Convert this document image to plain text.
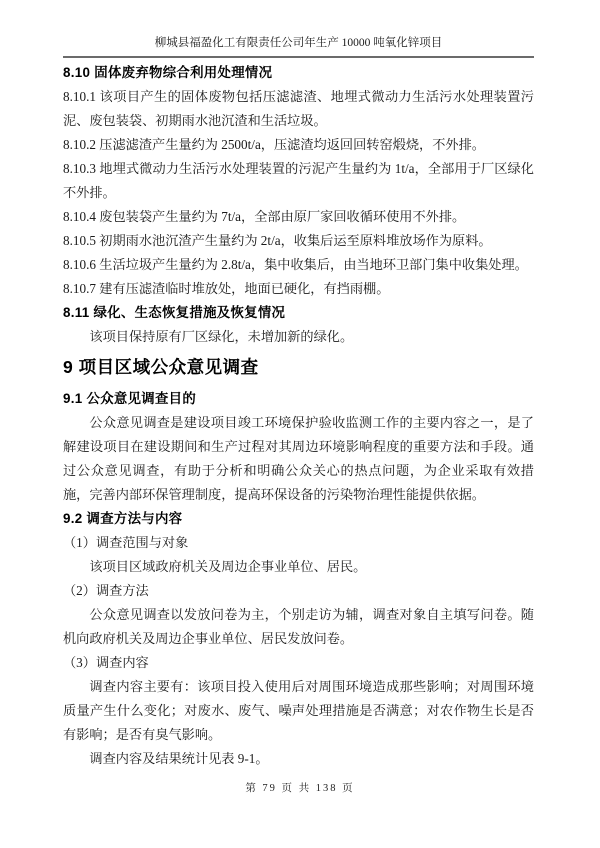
柳城县福盈化工有限责任公司年生产 10000 吨氧化锌项目
8.10 固体废弃物综合利用处理情况

8.10.1 该项目产生的固体废物包括压滤滤渣、地埋式微动力生活污水处理装置污泥、废包装袋、初期雨水池沉渣和生活垃圾。

8.10.2 压滤滤渣产生量约为 2500t/a，压滤渣均返回回转窑煅烧，不外排。

8.10.3 地埋式微动力生活污水处理装置的污泥产生量约为 1t/a，全部用于厂区绿化不外排。

8.10.4 废包装袋产生量约为 7t/a，全部由原厂家回收循环使用不外排。

8.10.5 初期雨水池沉渣产生量约为 2t/a，收集后运至原料堆放场作为原料。

8.10.6 生活垃圾产生量约为 2.8t/a，集中收集后，由当地环卫部门集中收集处理。

8.10.7 建有压滤渣临时堆放处，地面已硬化，有挡雨棚。

8.11 绿化、生态恢复措施及恢复情况

该项目保持原有厂区绿化，未增加新的绿化。

9 项目区域公众意见调查
9.1 公众意见调查目的

公众意见调查是建设项目竣工环境保护验收监测工作的主要内容之一，是了解建设项目在建设期间和生产过程对其周边环境影响程度的重要方法和手段。通过公众意见调查，有助于分析和明确公众关心的热点问题，为企业采取有效措施，完善内部环保管理制度，提高环保设备的污染物治理性能提供依据。

9.2 调查方法与内容

（1）调查范围与对象

该项目区域政府机关及周边企事业单位、居民。

（2）调查方法

公众意见调查以发放问卷为主，个别走访为辅，调查对象自主填写问卷。随机向政府机关及周边企事业单位、居民发放问卷。

（3）调查内容

调查内容主要有：该项目投入使用后对周围环境造成那些影响；对周围环境质量产生什么变化；对废水、废气、噪声处理措施是否满意；对农作物生长是否有影响；是否有臭气影响。

调查内容及结果统计见表 9-1。

第 79 页 共 138 页
